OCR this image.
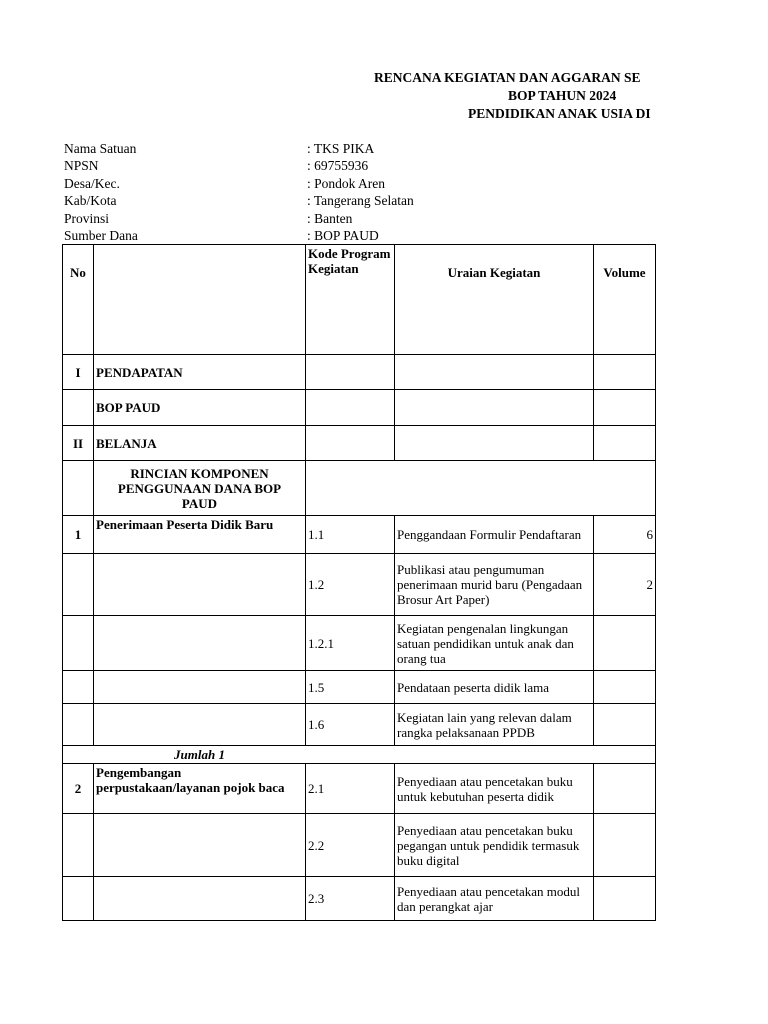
RENCANA KEGIATAN DAN AGGARAN SE
BOP TAHUN 2024
PENDIDIKAN ANAK USIA DI
Nama Satuan	: TKS PIKA
NPSN	: 69755936
Desa/Kec.	: Pondok Aren
Kab/Kota	: Tangerang Selatan
Provinsi	: Banten
Sumber Dana	: BOP PAUD
No		Kode Program Kegiatan	Uraian Kegiatan	Volume
I	PENDAPATAN			
	BOP PAUD			
II	BELANJA			
	RINCIAN KOMPONEN PENGGUNAAN DANA BOP PAUD			
1	Penerimaan Peserta Didik Baru	1.1	Penggandaan Formulir Pendaftaran	6
		1.2	Publikasi atau pengumuman penerimaan murid baru (Pengadaan Brosur Art Paper)	2
		1.2.1	Kegiatan pengenalan lingkungan satuan pendidikan untuk anak dan orang tua	
		1.5	Pendataan peserta didik lama	
		1.6	Kegiatan lain yang relevan dalam rangka pelaksanaan PPDB	
	Jumlah 1			
2	Pengembangan perpustakaan/layanan pojok baca	2.1	Penyediaan atau pencetakan buku untuk kebutuhan peserta didik	
		2.2	Penyediaan atau pencetakan buku pegangan untuk pendidik termasuk buku digital	
		2.3	Penyediaan atau pencetakan modul dan perangkat ajar	
